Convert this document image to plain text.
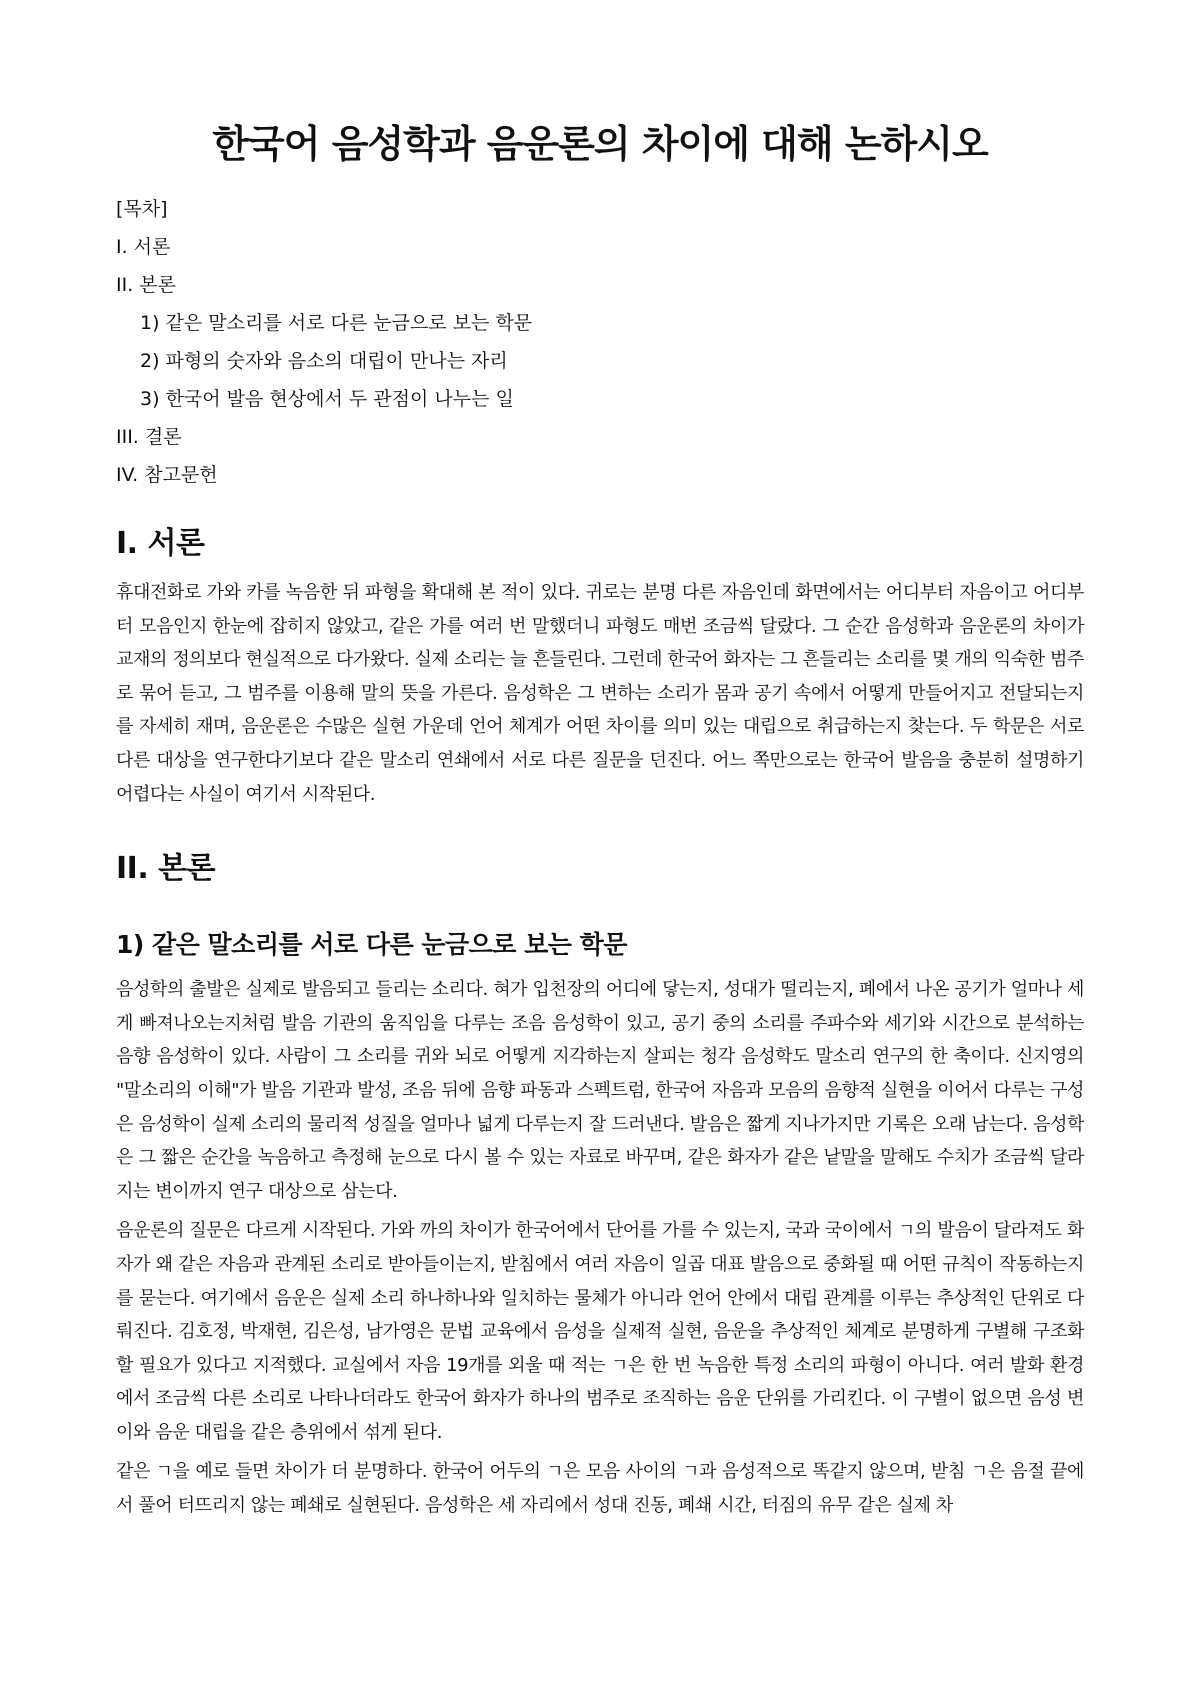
한국어 음성학과 음운론의 차이에 대해 논하시오
[목차]
I. 서론
II. 본론
1) 같은 말소리를 서로 다른 눈금으로 보는 학문
2) 파형의 숫자와 음소의 대립이 만나는 자리
3) 한국어 발음 현상에서 두 관점이 나누는 일
III. 결론
IV. 참고문헌
I. 서론

휴대전화로 가와 카를 녹음한 뒤 파형을 확대해 본 적이 있다. 귀로는 분명 다른 자음인데 화면에서는 어디부터 자음이고 어디부터 모음인지 한눈에 잡히지 않았고, 같은 가를 여러 번 말했더니 파형도 매번 조금씩 달랐다. 그 순간 음성학과 음운론의 차이가 교재의 정의보다 현실적으로 다가왔다. 실제 소리는 늘 흔들린다. 그런데 한국어 화자는 그 흔들리는 소리를 몇 개의 익숙한 범주로 묶어 듣고, 그 범주를 이용해 말의 뜻을 가른다. 음성학은 그 변하는 소리가 몸과 공기 속에서 어떻게 만들어지고 전달되는지를 자세히 재며, 음운론은 수많은 실현 가운데 언어 체계가 어떤 차이를 의미 있는 대립으로 취급하는지 찾는다. 두 학문은 서로 다른 대상을 연구한다기보다 같은 말소리 연쇄에서 서로 다른 질문을 던진다. 어느 쪽만으로는 한국어 발음을 충분히 설명하기 어렵다는 사실이 여기서 시작된다.

II. 본론
1) 같은 말소리를 서로 다른 눈금으로 보는 학문

음성학의 출발은 실제로 발음되고 들리는 소리다. 혀가 입천장의 어디에 닿는지, 성대가 떨리는지, 폐에서 나온 공기가 얼마나 세게 빠져나오는지처럼 발음 기관의 움직임을 다루는 조음 음성학이 있고, 공기 중의 소리를 주파수와 세기와 시간으로 분석하는 음향 음성학이 있다. 사람이 그 소리를 귀와 뇌로 어떻게 지각하는지 살피는 청각 음성학도 말소리 연구의 한 축이다. 신지영의 "말소리의 이해"가 발음 기관과 발성, 조음 뒤에 음향 파동과 스펙트럼, 한국어 자음과 모음의 음향적 실현을 이어서 다루는 구성은 음성학이 실제 소리의 물리적 성질을 얼마나 넓게 다루는지 잘 드러낸다. 발음은 짧게 지나가지만 기록은 오래 남는다. 음성학은 그 짧은 순간을 녹음하고 측정해 눈으로 다시 볼 수 있는 자료로 바꾸며, 같은 화자가 같은 낱말을 말해도 수치가 조금씩 달라지는 변이까지 연구 대상으로 삼는다.

음운론의 질문은 다르게 시작된다. 가와 까의 차이가 한국어에서 단어를 가를 수 있는지, 국과 국이에서 ㄱ의 발음이 달라져도 화자가 왜 같은 자음과 관계된 소리로 받아들이는지, 받침에서 여러 자음이 일곱 대표 발음으로 중화될 때 어떤 규칙이 작동하는지를 묻는다. 여기에서 음운은 실제 소리 하나하나와 일치하는 물체가 아니라 언어 안에서 대립 관계를 이루는 추상적인 단위로 다뤄진다. 김호정, 박재현, 김은성, 남가영은 문법 교육에서 음성을 실제적 실현, 음운을 추상적인 체계로 분명하게 구별해 구조화할 필요가 있다고 지적했다. 교실에서 자음 19개를 외울 때 적는 ㄱ은 한 번 녹음한 특정 소리의 파형이 아니다. 여러 발화 환경에서 조금씩 다른 소리로 나타나더라도 한국어 화자가 하나의 범주로 조직하는 음운 단위를 가리킨다. 이 구별이 없으면 음성 변이와 음운 대립을 같은 층위에서 섞게 된다.

같은 ㄱ을 예로 들면 차이가 더 분명하다. 한국어 어두의 ㄱ은 모음 사이의 ㄱ과 음성적으로 똑같지 않으며, 받침 ㄱ은 음절 끝에서 풀어 터뜨리지 않는 폐쇄로 실현된다. 음성학은 세 자리에서 성대 진동, 폐쇄 시간, 터짐의 유무 같은 실제 차
